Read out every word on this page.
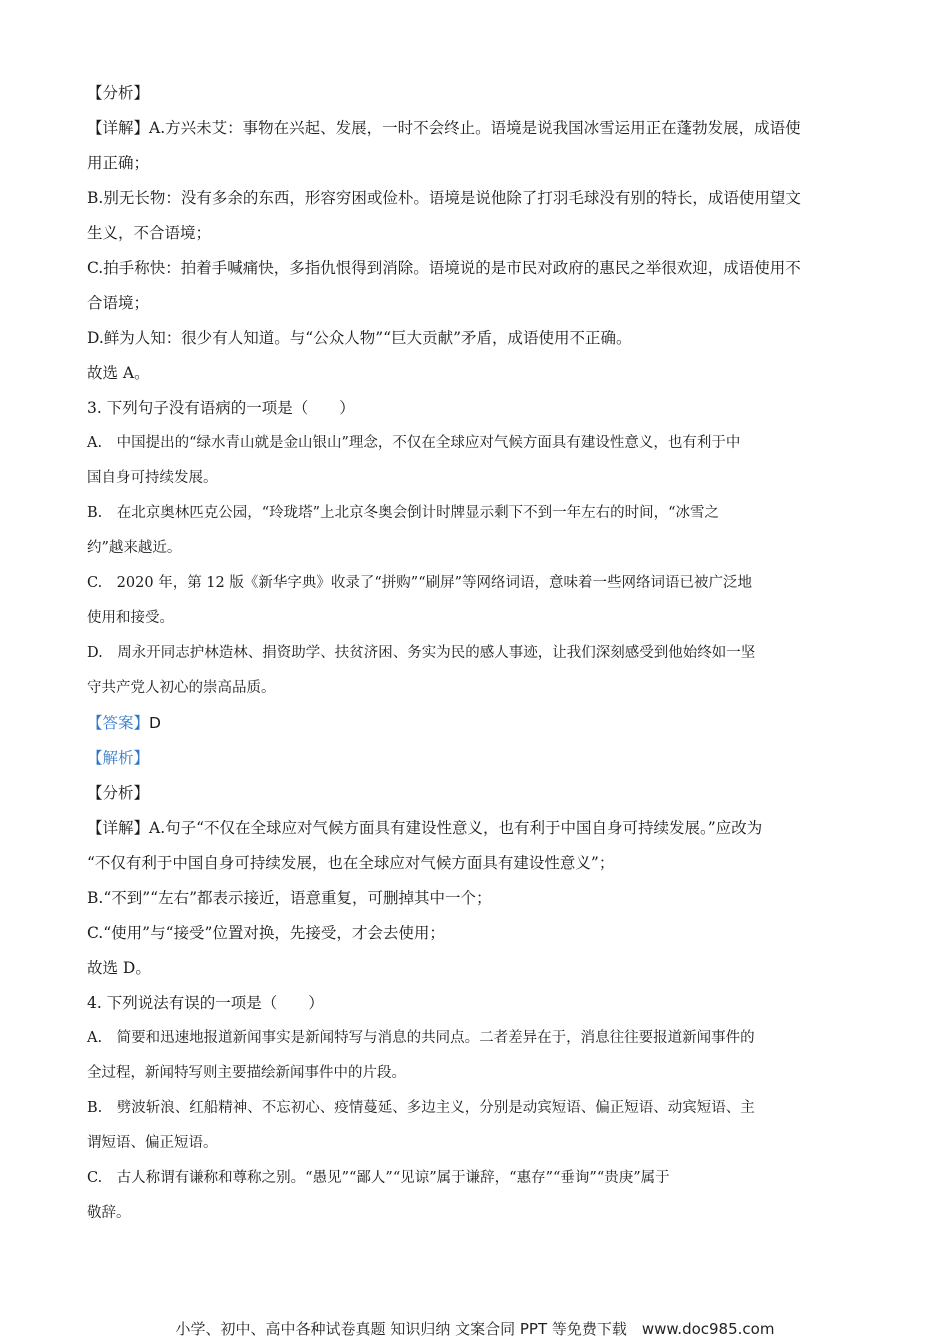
【分析】
【详解】A.方兴未艾：事物在兴起、发展，一时不会终止。语境是说我国冰雪运用正在蓬勃发展，成语使
用正确；
B.别无长物：没有多余的东西，形容穷困或俭朴。语境是说他除了打羽毛球没有别的特长，成语使用望文
生义，不合语境；
C.拍手称快：拍着手喊痛快，多指仇恨得到消除。语境说的是市民对政府的惠民之举很欢迎，成语使用不
合语境；
D.鲜为人知：很少有人知道。与“公众人物”“巨大贡献”矛盾，成语使用不正确。
故选 A。
3. 下列句子没有语病的一项是（　　）
A.　中国提出的“绿水青山就是金山银山”理念，不仅在全球应对气候方面具有建设性意义，也有利于中
国自身可持续发展。
B.　在北京奥林匹克公园，“玲珑塔”上北京冬奥会倒计时牌显示剩下不到一年左右的时间，“冰雪之
约”越来越近。
C.　2020 年，第 12 版《新华字典》收录了“拼购”“刷屏”等网络词语，意味着一些网络词语已被广泛地
使用和接受。
D.　周永开同志护林造林、捐资助学、扶贫济困、务实为民的感人事迹，让我们深刻感受到他始终如一坚
守共产党人初心的崇高品质。
【答案】D
【解析】
【分析】
【详解】A.句子“不仅在全球应对气候方面具有建设性意义，也有利于中国自身可持续发展。”应改为
“不仅有利于中国自身可持续发展，也在全球应对气候方面具有建设性意义”；
B.“不到”“左右”都表示接近，语意重复，可删掉其中一个；
C.“使用”与“接受”位置对换，先接受，才会去使用；
故选 D。
4. 下列说法有误的一项是（　　）
A.　简要和迅速地报道新闻事实是新闻特写与消息的共同点。二者差异在于，消息往往要报道新闻事件的
全过程，新闻特写则主要描绘新闻事件中的片段。
B.　劈波斩浪、红船精神、不忘初心、疫情蔓延、多边主义，分别是动宾短语、偏正短语、动宾短语、主
谓短语、偏正短语。
C.　古人称谓有谦称和尊称之别。“愚见”“鄙人”“见谅”属于谦辞，“惠存”“垂询”“贵庚”属于
敬辞。
小学、初中、高中各种试卷真题 知识归纳 文案合同 PPT 等免费下载　www.doc985.com
